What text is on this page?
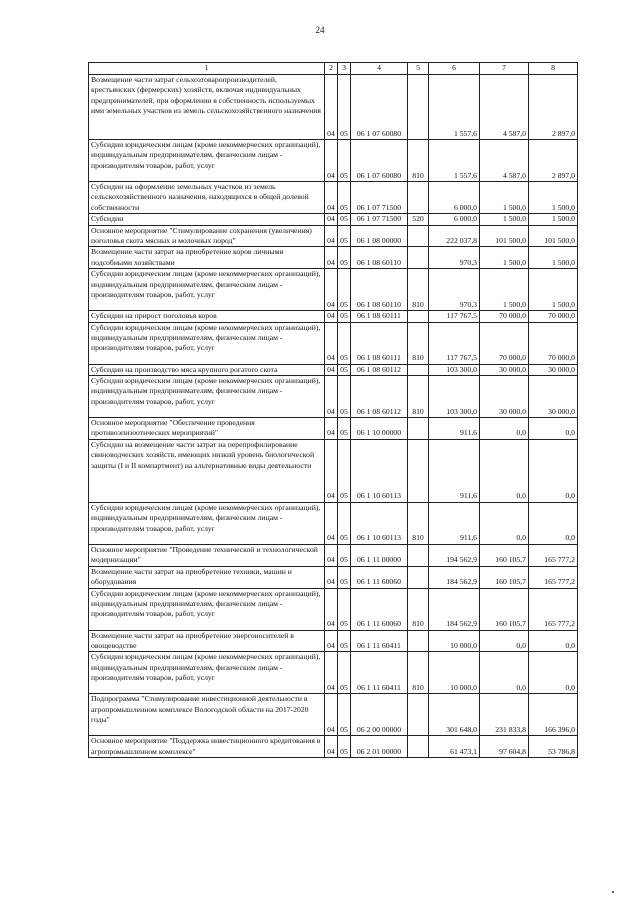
24
1	2	3	4	5	6	7	8
Возмещение части затрат сельхозтоваропроизводителей, крестьянских (фермерских) хозяйств, включая индивидуальных предпринимателей, при оформлении в собственность используемых ими земельных участков из земель сельскохозяйственного назначения	04	05	06 1 07 60080		1 557,6	4 587,0	2 897,0
Субсидии юридическим лицам (кроме некоммерческих организаций), индивидуальным предпринимателям, физическим лицам - производителям товаров, работ, услуг	04	05	06 1 07 60080	810	1 557,6	4 587,0	2 897,0
Субсидии на оформление земельных участков из земель сельскохозяйственного назначения, находящихся в общей долевой собственности	04	05	06 1 07 71500		6 000,0	1 500,0	1 500,0
Субсидии	04	05	06 1 07 71500	520	6 000,0	1 500,0	1 500,0
Основное мероприятие "Стимулирование сохранения (увеличения) поголовья скота мясных и молочных пород"	04	05	06 1 08 00000		222 037,8	101 500,0	101 500,0
Возмещение части затрат на приобретение коров личными подсобными хозяйствами	04	05	06 1 08 60110		970,3	1 500,0	1 500,0
Субсидии юридическим лицам (кроме некоммерческих организаций), индивидуальным предпринимателям, физическим лицам - производителям товаров, работ, услуг	04	05	06 1 08 60110	810	970,3	1 500,0	1 500,0
Субсидии на прирост поголовья коров	04	05	06 1 08 60111		117 767,5	70 000,0	70 000,0
Субсидии юридическим лицам (кроме некоммерческих организаций), индивидуальным предпринимателям, физическим лицам - производителям товаров, работ, услуг	04	05	06 1 08 60111	810	117 767,5	70 000,0	70 000,0
Субсидии на производство мяса крупного рогатого скота	04	05	06 1 08 60112		103 300,0	30 000,0	30 000,0
Субсидии юридическим лицам (кроме некоммерческих организаций), индивидуальным предпринимателям, физическим лицам - производителям товаров, работ, услуг	04	05	06 1 08 60112	810	103 300,0	30 000,0	30 000,0
Основное мероприятие "Обеспечение проведения противоэпизоотических мероприятий"	04	05	06 1 10 00000		911,6	0,0	0,0
Субсидии на возмещение части затрат на перепрофилирование свиноводческих хозяйств, имеющих низкий уровень биологической защиты (I и II компартмент) на альтернативные виды деятельности	04	05	06 1 10 60113		911,6	0,0	0,0
Субсидии юридическим лицам (кроме некоммерческих организаций), индивидуальным предпринимателям, физическим лицам - производителям товаров, работ, услуг	04	05	06 1 10 60113	810	911,6	0,0	0,0
Основное мероприятие "Проведение технической и технологической модернизации"	04	05	06 1 11 00000		194 562,9	160 105,7	165 777,2
Возмещение части затрат на приобретение техники, машин и оборудования	04	05	06 1 11 60060		184 562,9	160 105,7	165 777,2
Субсидии юридическим лицам (кроме некоммерческих организаций), индивидуальным предпринимателям, физическим лицам - производителям товаров, работ, услуг	04	05	06 1 11 60060	810	184 562,9	160 105,7	165 777,2
Возмещение части затрат на приобретение энергоносителей в овощеводстве	04	05	06 1 11 60411		10 000,0	0,0	0,0
Субсидии юридическим лицам (кроме некоммерческих организаций), индивидуальным предпринимателям, физическим лицам - производителям товаров, работ, услуг	04	05	06 1 11 60411	810	10 000,0	0,0	0,0
Подпрограмма "Стимулирование инвестиционной деятельности в агропромышленном комплексе Вологодской области на 2017-2020 годы"	04	05	06 2 00 00000		301 648,0	231 833,8	166 396,0
Основное мероприятие "Поддержка инвестиционного кредитования в агропромышленном комплексе"	04	05	06 2 01 00000		61 473,1	97 604,8	53 786,8
